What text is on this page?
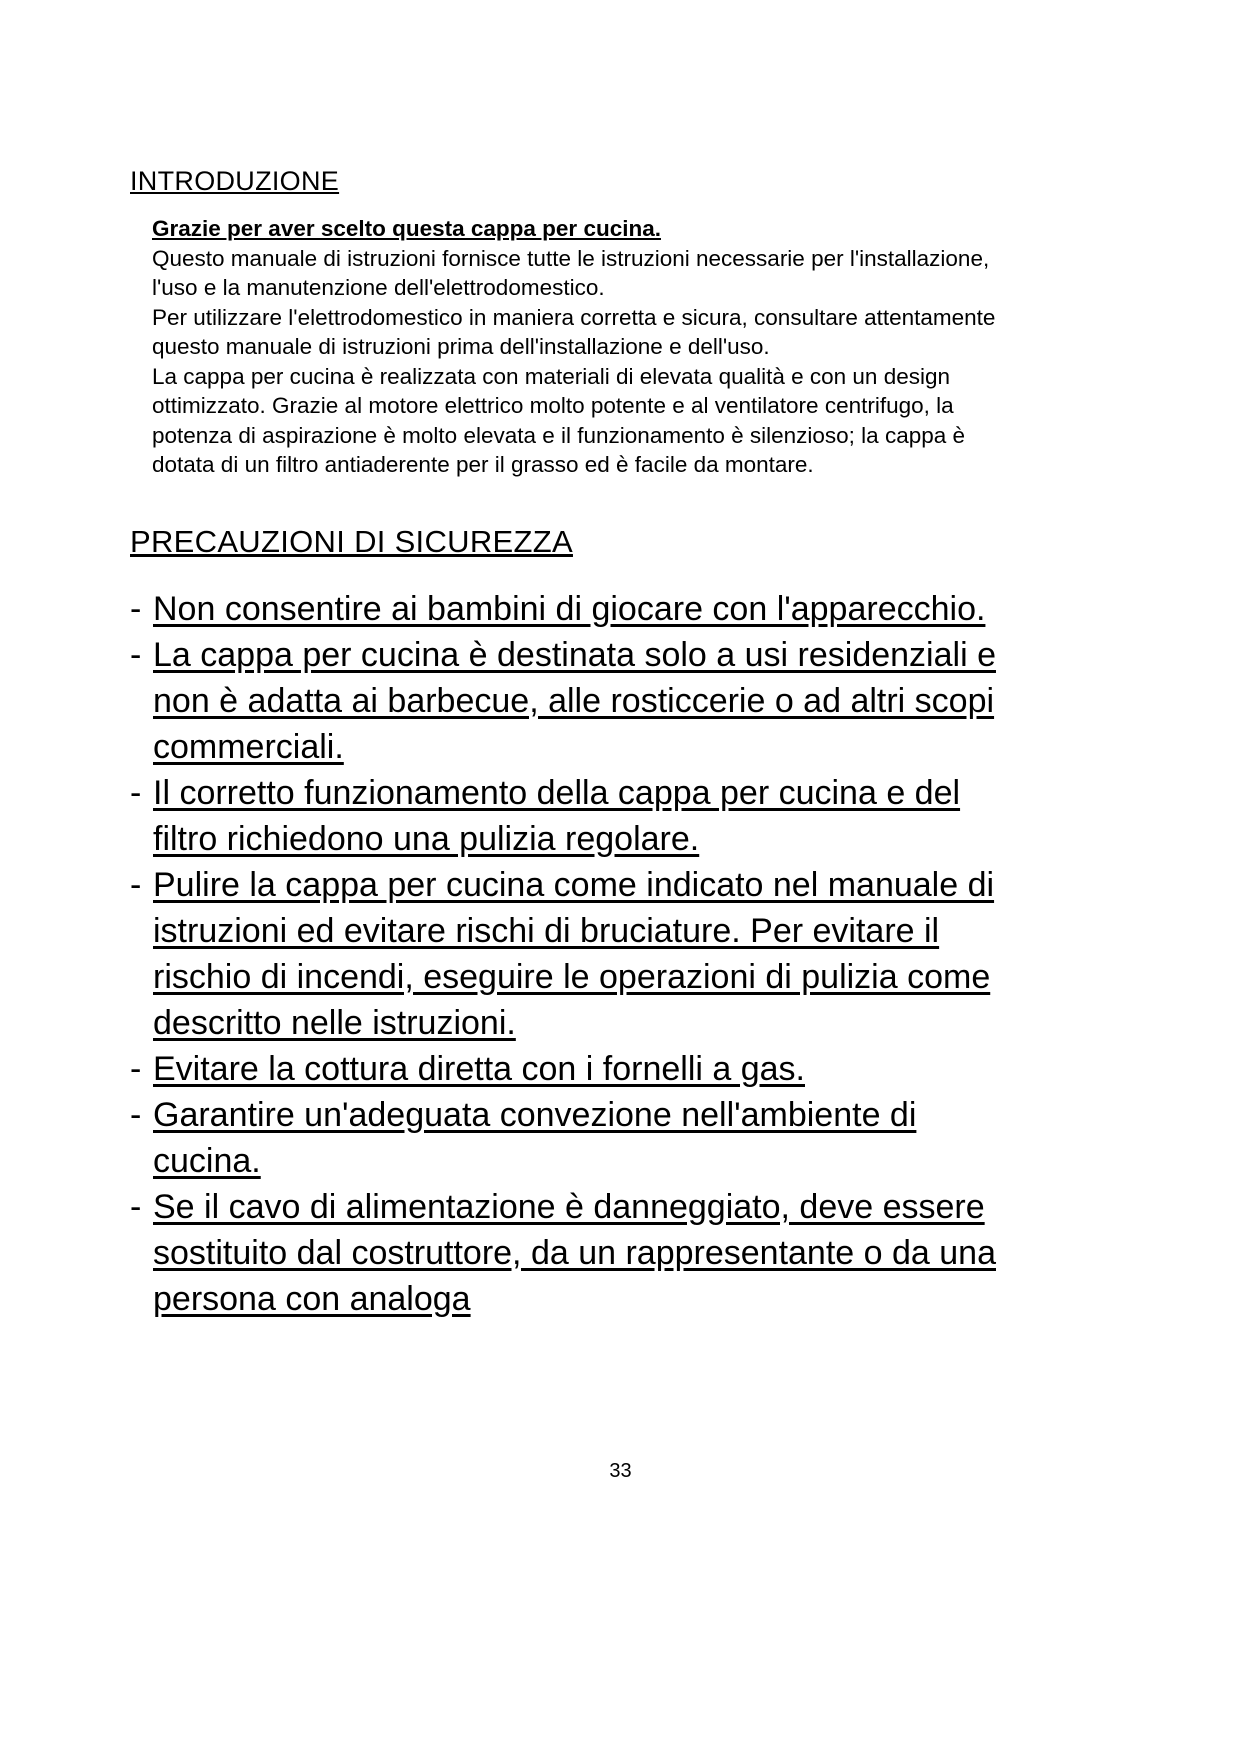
INTRODUZIONE

Grazie per aver scelto questa cappa per cucina.

Questo manuale di istruzioni fornisce tutte le istruzioni necessarie per l'installazione, l'uso e la manutenzione dell'elettrodomestico.

Per utilizzare l'elettrodomestico in maniera corretta e sicura, consultare attentamente questo manuale di istruzioni prima dell'installazione e dell'uso.

La cappa per cucina è realizzata con materiali di elevata qualità e con un design ottimizzato. Grazie al motore elettrico molto potente e al ventilatore centrifugo, la potenza di aspirazione è molto elevata e il funzionamento è silenzioso; la cappa è dotata di un filtro antiaderente per il grasso ed è facile da montare.

PRECAUZIONI DI SICUREZZA
- Non consentire ai bambini di giocare con l'apparecchio.
- La cappa per cucina è destinata solo a usi residenziali e non è adatta ai barbecue, alle rosticcerie o ad altri scopi commerciali.
- Il corretto funzionamento della cappa per cucina e del filtro richiedono una pulizia regolare.
- Pulire la cappa per cucina come indicato nel manuale di istruzioni ed evitare rischi di bruciature. Per evitare il rischio di incendi, eseguire le operazioni di pulizia come descritto nelle istruzioni.
- Evitare la cottura diretta con i fornelli a gas.
- Garantire un'adeguata convezione nell'ambiente di cucina.
- Se il cavo di alimentazione è danneggiato, deve essere sostituito dal costruttore, da un rappresentante o da una persona con analoga
33
